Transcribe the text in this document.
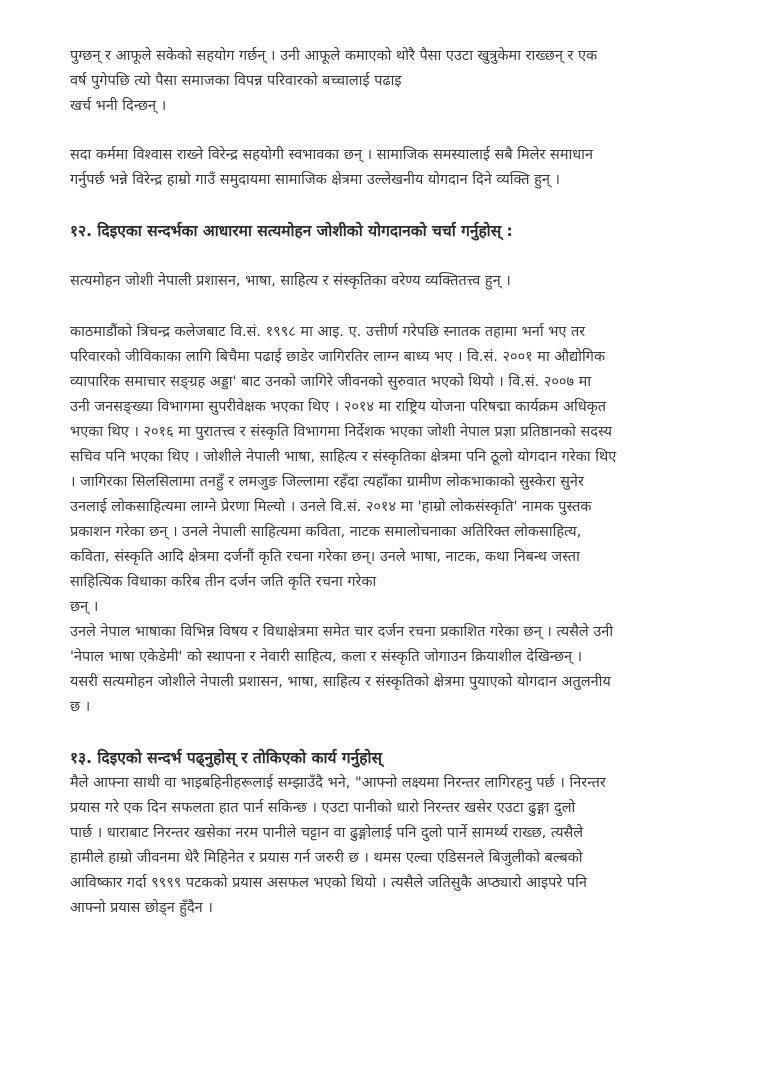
पुग्छन् र आफूले सकेको सहयोग गर्छन् । उनी आफूले कमाएको थोरै पैसा एउटा खुत्रुकेमा राख्छन् र एक
वर्ष पुगेपछि त्यो पैसा समाजका विपन्न परिवारको बच्चालाई पढाइ
खर्च भनी दिन्छन् ।

सदा कर्ममा विश्वास राख्ने विरेन्द्र सहयोगी स्वभावका छन् । सामाजिक समस्यालाई सबै मिलेर समाधान
गर्नुपर्छ भन्ने विरेन्द्र हाम्रो गाउँ समुदायमा सामाजिक क्षेत्रमा उल्लेखनीय योगदान दिने व्यक्ति हुन् ।

१२. दिइएका सन्दर्भका आधारमा सत्यमोहन जोशीको योगदानको चर्चा गर्नुहोस् :

सत्यमोहन जोशी नेपाली प्रशासन, भाषा, साहित्य र संस्कृतिका वरेण्य व्यक्तितत्त्व हुन् ।

काठमाडौंको त्रिचन्द्र कलेजबाट वि.सं. १९९८ मा आइ. ए. उत्तीर्ण गरेपछि स्नातक तहामा भर्ना भए तर
परिवारको जीविकाका लागि बिचैमा पढाई छाडेर जागिरतिर लाग्न बाध्य भए । वि.सं. २००१ मा औद्योगिक
व्यापारिक समाचार सङ्ग्रह अड्डा' बाट उनको जागिरे जीवनको सुरुवात भएको थियो । वि.सं. २००७ मा
उनी जनसङ्ख्या विभागमा सुपरीवेक्षक भएका थिए । २०१४ मा राष्ट्रिय योजना परिषद्मा कार्यक्रम अधिकृत
भएका थिए । २०१६ मा पुरातत्त्व र संस्कृति विभागमा निर्देशक भएका जोशी नेपाल प्रज्ञा प्रतिष्ठानको सदस्य
सचिव पनि भएका थिए । जोशीले नेपाली भाषा, साहित्य र संस्कृतिका क्षेत्रमा पनि ठूलो योगदान गरेका थिए
। जागिरका सिलसिलामा तनहुँ र लमजुङ जिल्लामा रहँदा त्यहाँका ग्रामीण लोकभाकाको सुस्केरा सुनेर
उनलाई लोकसाहित्यमा लाग्ने प्रेरणा मिल्यो । उनले वि.सं. २०१४ मा 'हाम्रो लोकसंस्कृति' नामक पुस्तक
प्रकाशन गरेका छन् । उनले नेपाली साहित्यमा कविता, नाटक समालोचनाका अतिरिक्त लोकसाहित्य,
कविता, संस्कृति आदि क्षेत्रमा दर्जनौं कृति रचना गरेका छन्। उनले भाषा, नाटक, कथा निबन्ध जस्ता
साहित्यिक विधाका करिब तीन दर्जन जति कृति रचना गरेका
छन् ।
उनले नेपाल भाषाका विभिन्न विषय र विधाक्षेत्रमा समेत चार दर्जन रचना प्रकाशित गरेका छन् । त्यसैले उनी
'नेपाल भाषा एकेडेमी' को स्थापना र नेवारी साहित्य, कला र संस्कृति जोगाउन क्रियाशील देखिन्छन् ।
यसरी सत्यमोहन जोशीले नेपाली प्रशासन, भाषा, साहित्य र संस्कृतिको क्षेत्रमा पुयाएको योगदान अतुलनीय
छ ।

१३. दिइएको सन्दर्भ पढ्नुहोस् र तोकिएको कार्य गर्नुहोस्

मैले आफ्ना साथी वा भाइबहिनीहरूलाई सम्झाउँदै भने, "आफ्नो लक्ष्यमा निरन्तर लागिरहनु पर्छ । निरन्तर
प्रयास गरे एक दिन सफलता हात पार्न सकिन्छ । एउटा पानीको धारो निरन्तर खसेर एउटा ढुङ्गा दुलो
पार्छ । धाराबाट निरन्तर खसेका नरम पानीले चट्टान वा ढुङ्गोलाई पनि दुलो पार्ने सामर्थ्य राख्छ, त्यसैले
हामीले हाम्रो जीवनमा धेरै मिहिनेत र प्रयास गर्न जरुरी छ । थमस एल्वा एडिसनले बिजुलीको बल्बको
आविष्कार गर्दा ९९९९ पटकको प्रयास असफल भएको थियो । त्यसैले जतिसुकै अप्ठ्यारो आइपरे पनि
आफ्नो प्रयास छोड्न हुँदैन ।
